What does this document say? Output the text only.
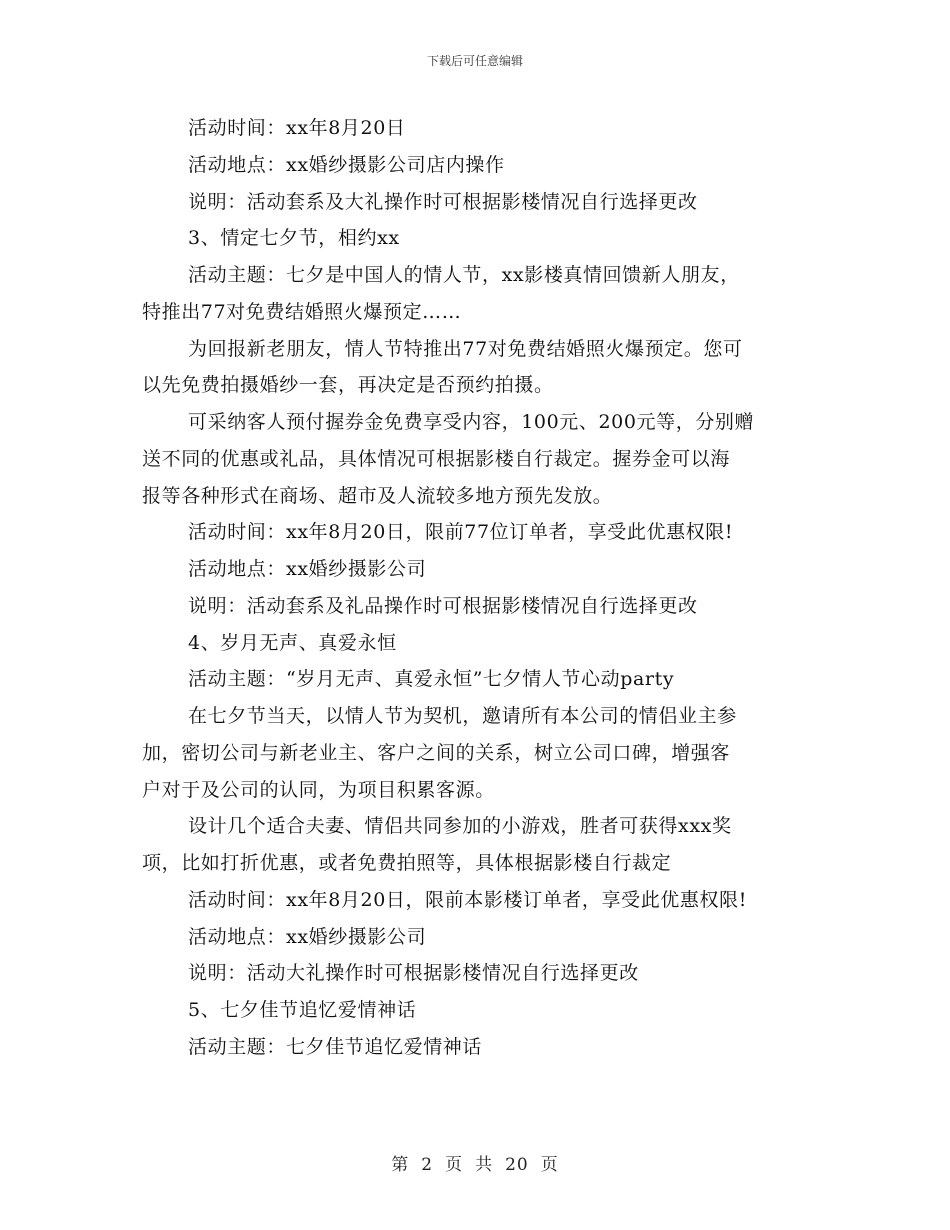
下载后可任意编辑
活动时间：xx年8月20日
活动地点：xx婚纱摄影公司店内操作
说明：活动套系及大礼操作时可根据影楼情况自行选择更改
3、情定七夕节，相约xx
活动主题：七夕是中国人的情人节，xx影楼真情回馈新人朋友，
特推出77对免费结婚照火爆预定……
为回报新老朋友，情人节特推出77对免费结婚照火爆预定。您可
以先免费拍摄婚纱一套，再决定是否预约拍摄。
可采纳客人预付握券金免费享受内容，100元、200元等，分别赠
送不同的优惠或礼品，具体情况可根据影楼自行裁定。握券金可以海
报等各种形式在商场、超市及人流较多地方预先发放。
活动时间：xx年8月20日，限前77位订单者，享受此优惠权限!
活动地点：xx婚纱摄影公司
说明：活动套系及礼品操作时可根据影楼情况自行选择更改
4、岁月无声、真爱永恒
活动主题：“岁月无声、真爱永恒”七夕情人节心动party
在七夕节当天，以情人节为契机，邀请所有本公司的情侣业主参
加，密切公司与新老业主、客户之间的关系，树立公司口碑，增强客
户对于及公司的认同，为项目积累客源。
设计几个适合夫妻、情侣共同参加的小游戏，胜者可获得xxx奖
项，比如打折优惠，或者免费拍照等，具体根据影楼自行裁定
活动时间：xx年8月20日，限前本影楼订单者，享受此优惠权限!
活动地点：xx婚纱摄影公司
说明：活动大礼操作时可根据影楼情况自行选择更改
5、七夕佳节追忆爱情神话
活动主题：七夕佳节追忆爱情神话
第 2 页 共 20 页
